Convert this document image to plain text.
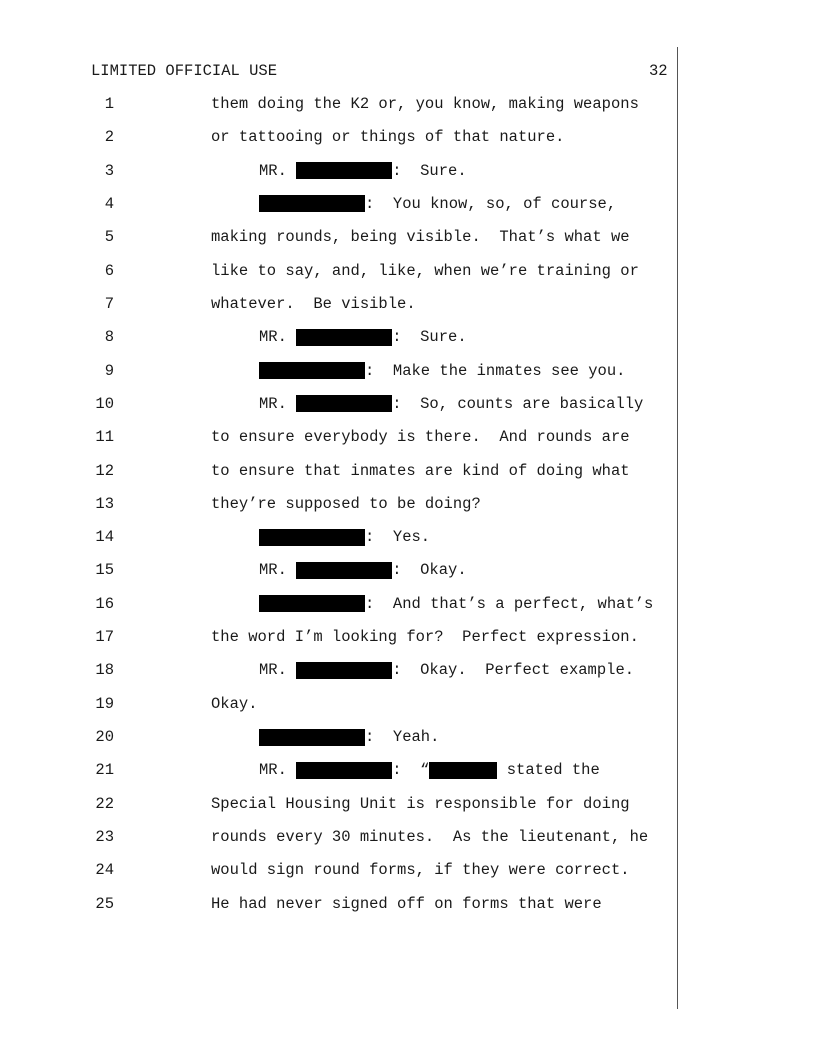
LIMITED OFFICIAL USE	32
1	them doing the K2 or, you know, making weapons
2	or tattooing or things of that nature.
3	MR.	:  Sure.
4	:  You know, so, of course,
5	making rounds, being visible.  That’s what we
6	like to say, and, like, when we’re training or
7	whatever.  Be visible.
8	MR.	:  Sure.
9	:  Make the inmates see you.
10	MR.	:  So, counts are basically
11	to ensure everybody is there.  And rounds are
12	to ensure that inmates are kind of doing what
13	they’re supposed to be doing?
14	:  Yes.
15	MR.	:  Okay.
16	:  And that’s a perfect, what’s
17	the word I’m looking for?  Perfect expression.
18	MR.	:  Okay.  Perfect example.
19	Okay.
20	:  Yeah.
21	MR.	:  “	stated the
22	Special Housing Unit is responsible for doing
23	rounds every 30 minutes.  As the lieutenant, he
24	would sign round forms, if they were correct.
25	He had never signed off on forms that were
